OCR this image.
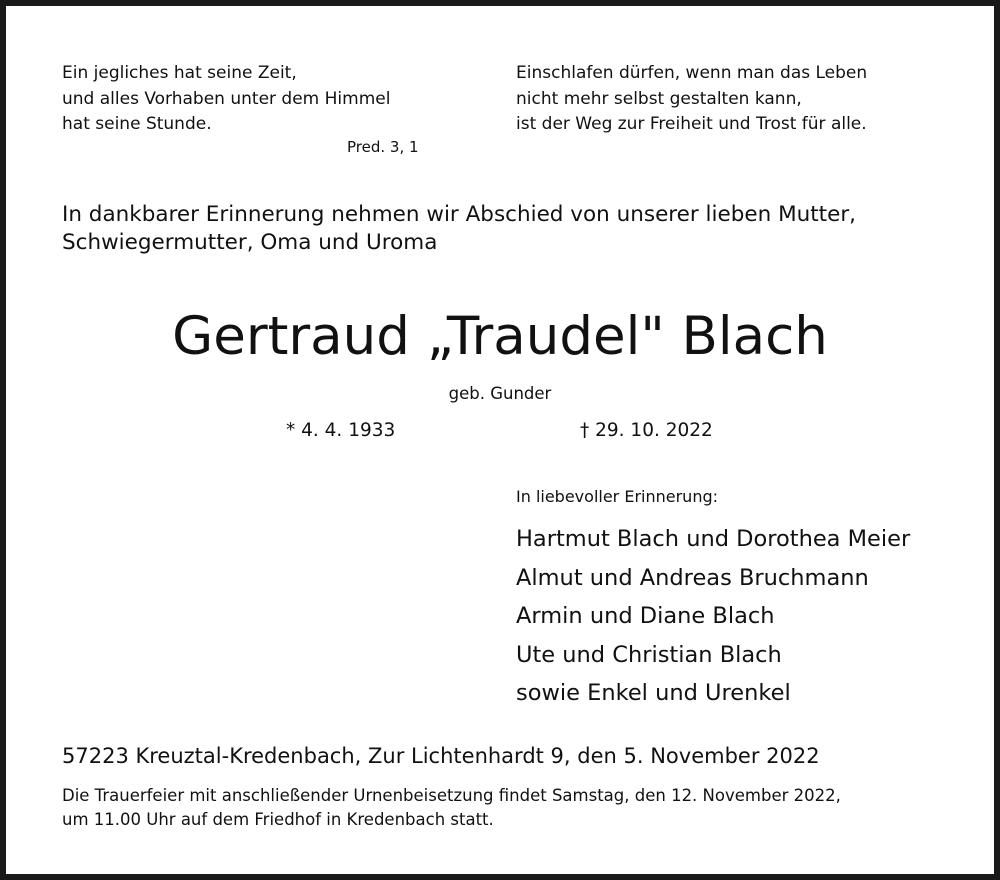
Ein jegliches hat seine Zeit,
und alles Vorhaben unter dem Himmel
hat seine Stunde.
Pred. 3, 1
Einschlafen dürfen, wenn man das Leben
nicht mehr selbst gestalten kann,
ist der Weg zur Freiheit und Trost für alle.
In dankbarer Erinnerung nehmen wir Abschied von unserer lieben Mutter,
Schwiegermutter, Oma und Uroma
Gertraud „Traudel" Blach
geb. Gunder
* 4. 4. 1933	† 29. 10. 2022
In liebevoller Erinnerung:
Hartmut Blach und Dorothea Meier
Almut und Andreas Bruchmann
Armin und Diane Blach
Ute und Christian Blach
sowie Enkel und Urenkel
57223 Kreuztal-Kredenbach, Zur Lichtenhardt 9, den 5. November 2022
Die Trauerfeier mit anschließender Urnenbeisetzung findet Samstag, den 12. November 2022,
um 11.00 Uhr auf dem Friedhof in Kredenbach statt.
